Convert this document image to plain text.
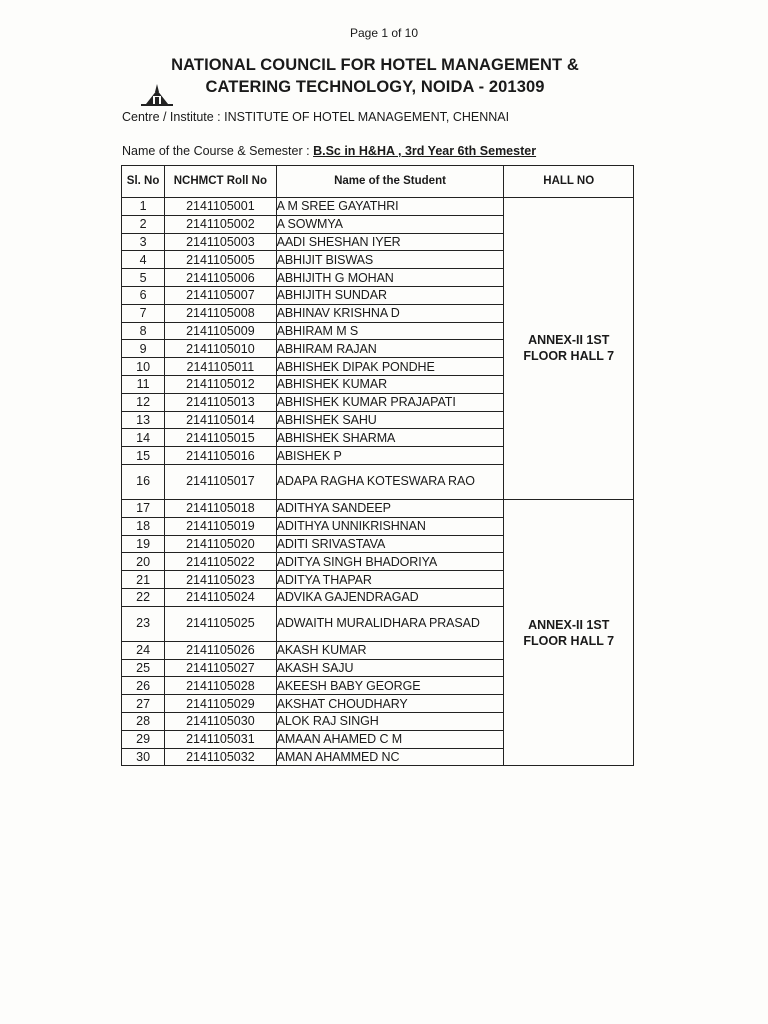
Page 1 of 10
NATIONAL COUNCIL FOR HOTEL MANAGEMENT &
CATERING TECHNOLOGY, NOIDA - 201309
Centre / Institute : INSTITUTE OF HOTEL MANAGEMENT, CHENNAI
Name of the Course & Semester : B.Sc in H&HA , 3rd Year 6th Semester
Sl. No	NCHMCT Roll No	Name of the Student	HALL NO
1	2141105001	A M SREE GAYATHRI	ANNEX-II 1ST
FLOOR HALL 7
2	2141105002	A SOWMYA	
3	2141105003	AADI SHESHAN IYER	
4	2141105005	ABHIJIT BISWAS	
5	2141105006	ABHIJITH G MOHAN	
6	2141105007	ABHIJITH SUNDAR	
7	2141105008	ABHINAV KRISHNA D	
8	2141105009	ABHIRAM M S	
9	2141105010	ABHIRAM RAJAN	
10	2141105011	ABHISHEK DIPAK PONDHE	
11	2141105012	ABHISHEK KUMAR	
12	2141105013	ABHISHEK KUMAR PRAJAPATI	
13	2141105014	ABHISHEK SAHU	
14	2141105015	ABHISHEK SHARMA	
15	2141105016	ABISHEK P	
16	2141105017	ADAPA RAGHA KOTESWARA RAO	
17	2141105018	ADITHYA SANDEEP	ANNEX-II 1ST
FLOOR HALL 7
18	2141105019	ADITHYA UNNIKRISHNAN	
19	2141105020	ADITI SRIVASTAVA	
20	2141105022	ADITYA SINGH BHADORIYA	
21	2141105023	ADITYA THAPAR	
22	2141105024	ADVIKA GAJENDRAGAD	
23	2141105025	ADWAITH MURALIDHARA PRASAD	
24	2141105026	AKASH KUMAR	
25	2141105027	AKASH SAJU	
26	2141105028	AKEESH BABY GEORGE	
27	2141105029	AKSHAT CHOUDHARY	
28	2141105030	ALOK RAJ SINGH	
29	2141105031	AMAAN AHAMED C M	
30	2141105032	AMAN AHAMMED NC	
